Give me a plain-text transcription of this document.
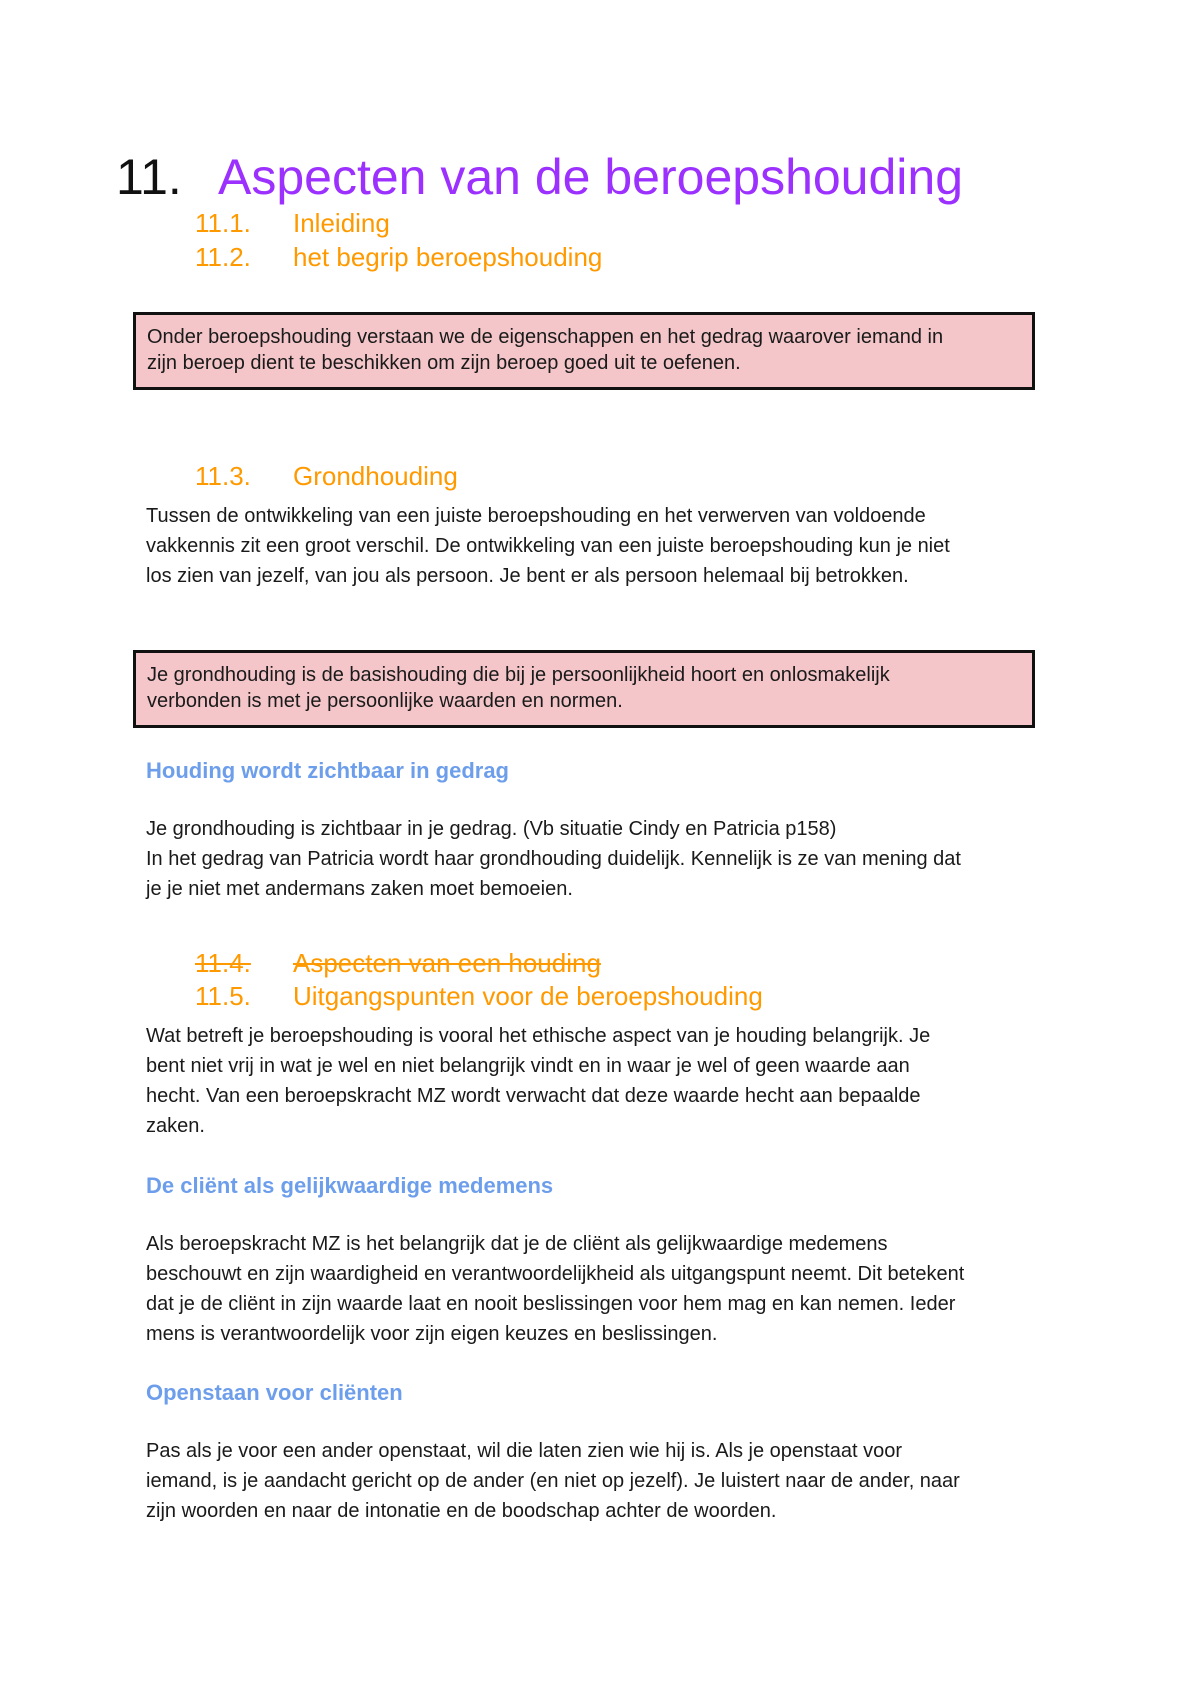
11. Aspecten van de beroepshouding
11.1. Inleiding
11.2. het begrip beroepshouding

Onder beroepshouding verstaan we de eigenschappen en het gedrag waarover iemand in

zijn beroep dient te beschikken om zijn beroep goed uit te oefenen.

11.3. Grondhouding

Tussen de ontwikkeling van een juiste beroepshouding en het verwerven van voldoende

vakkennis zit een groot verschil. De ontwikkeling van een juiste beroepshouding kun je niet

los zien van jezelf, van jou als persoon. Je bent er als persoon helemaal bij betrokken.

Je grondhouding is de basishouding die bij je persoonlijkheid hoort en onlosmakelijk

verbonden is met je persoonlijke waarden en normen.

Houding wordt zichtbaar in gedrag

Je grondhouding is zichtbaar in je gedrag. (Vb situatie Cindy en Patricia p158)

In het gedrag van Patricia wordt haar grondhouding duidelijk. Kennelijk is ze van mening dat

je je niet met andermans zaken moet bemoeien.

11.4. Aspecten van een houding
11.5. Uitgangspunten voor de beroepshouding

Wat betreft je beroepshouding is vooral het ethische aspect van je houding belangrijk. Je

bent niet vrij in wat je wel en niet belangrijk vindt en in waar je wel of geen waarde aan

hecht. Van een beroepskracht MZ wordt verwacht dat deze waarde hecht aan bepaalde

zaken.

De cliënt als gelijkwaardige medemens

Als beroepskracht MZ is het belangrijk dat je de cliënt als gelijkwaardige medemens

beschouwt en zijn waardigheid en verantwoordelijkheid als uitgangspunt neemt. Dit betekent

dat je de cliënt in zijn waarde laat en nooit beslissingen voor hem mag en kan nemen. Ieder

mens is verantwoordelijk voor zijn eigen keuzes en beslissingen.

Openstaan voor cliënten

Pas als je voor een ander openstaat, wil die laten zien wie hij is. Als je openstaat voor

iemand, is je aandacht gericht op de ander (en niet op jezelf). Je luistert naar de ander, naar

zijn woorden en naar de intonatie en de boodschap achter de woorden.
